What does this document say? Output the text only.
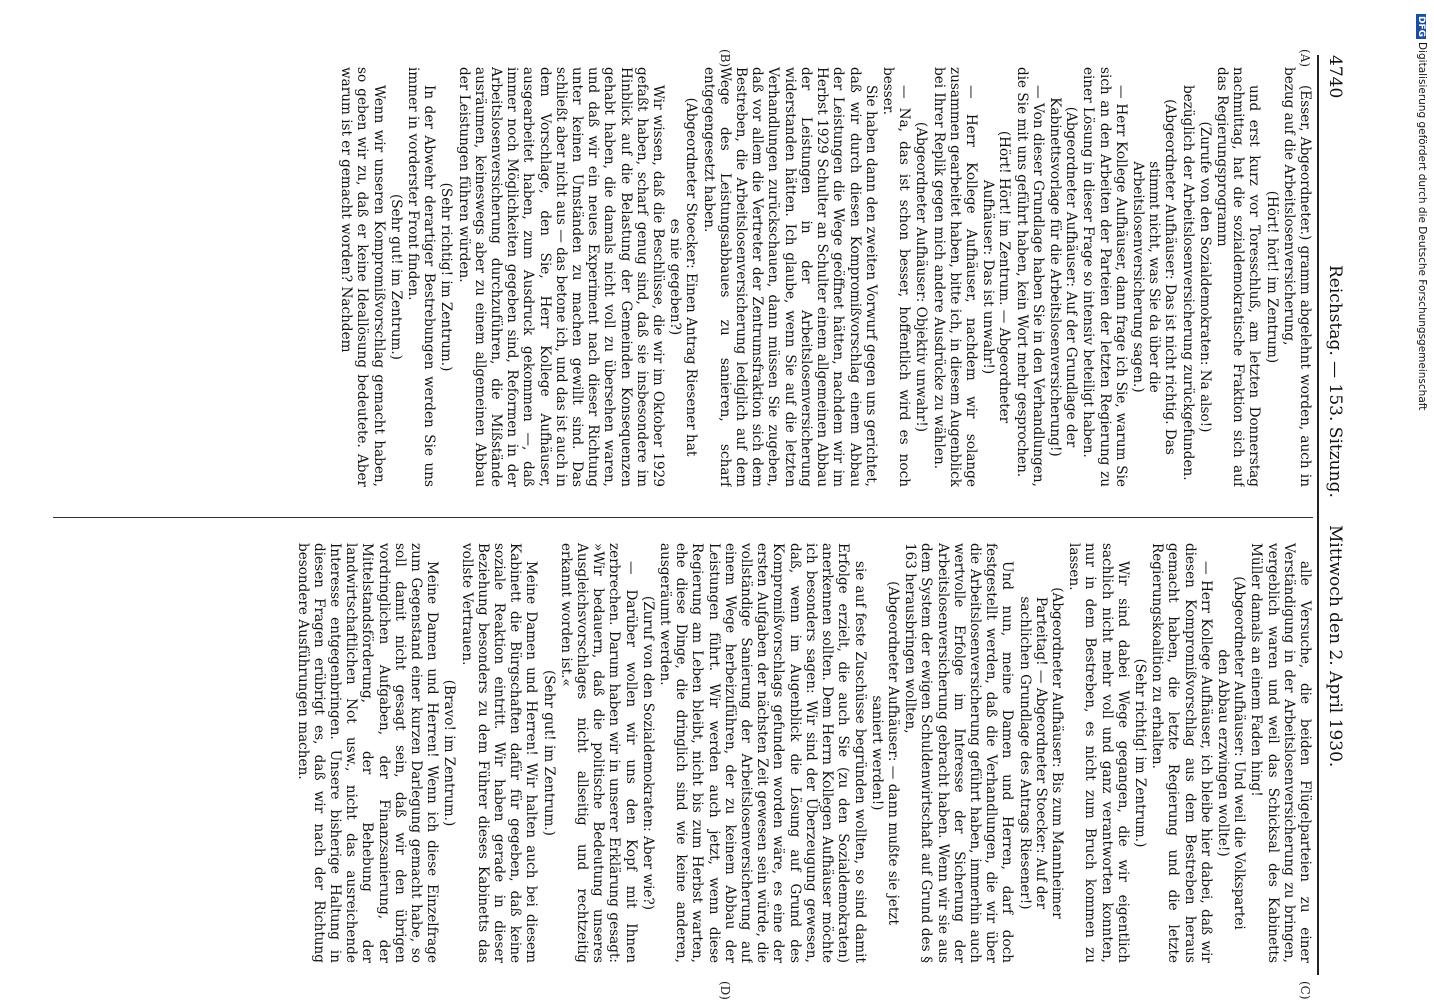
4740
Reichstag. — 153. Sitzung.
Mittwoch den 2. April 1930.
(A)
(B)
(C)
(D)

(Esser, Abgeordneter.) gramm abgelehnt worden, auch in bezug auf die Arbeitslosenversicherung,

(Hört! hört! im Zentrum)

und erst kurz vor Toresschluß, am letzten Donnerstag nachmittag, hat die sozialdemokratische Fraktion sich auf das Regierungsprogramm

(Zurufe von den Sozialdemokraten: Na also!)

bezüglich der Arbeitslosenversicherung zurückgefunden.

(Abgeordneter Aufhäuser: Das ist nicht richtig. Das stimmt nicht, was Sie da über die Arbeitslosenversicherung sagen.)

— Herr Kollege Aufhäuser, dann frage ich Sie, warum Sie sich an den Arbeiten der Parteien der letzten Regierung zu einer Lösung in dieser Frage so intensiv beteiligt haben.

(Abgeordneter Aufhäuser: Auf der Grundlage der Kabinettsvorlage für die Arbeitslosenversicherung!)

— Von dieser Grundlage haben Sie in den Verhandlungen, die Sie mit uns geführt haben, kein Wort mehr gesprochen.

(Hört! Hört! im Zentrum. — Abgeordneter Aufhäuser: Das ist unwahr!)

— Herr Kollege Aufhäuser, nachdem wir solange zusammen gearbeitet haben, bitte ich, in diesem Augenblick bei Ihrer Replik gegen mich andere Ausdrücke zu wählen.

(Abgeordneter Aufhäuser: Objektiv unwahr!)

— Na, das ist schon besser, hoffentlich wird es noch besser.

Sie haben dann den zweiten Vorwurf gegen uns gerichtet, daß wir durch diesen Kompromißvorschlag einem Abbau der Leistungen die Wege geöffnet hätten, nachdem wir im Herbst 1929 Schulter an Schulter einem allgemeinen Abbau der Leistungen in der Arbeitslosenversicherung widerstanden hätten. Ich glaube, wenn Sie auf die letzten Verhandlungen zurückschauen, dann müssen Sie zugeben, daß vor allem die Vertreter der Zentrumsfraktion sich dem Bestreben, die Arbeitslosenversicherung lediglich auf dem Wege des Leistungsabbaues zu sanieren, scharf entgegengesetzt haben.

(Abgeordneter Stoecker: Einen Antrag Riesener hat es nie gegeben?)

Wir wissen, daß die Beschlüsse, die wir im Oktober 1929 gefaßt haben, scharf genug sind, daß sie insbesondere im Hinblick auf die Belastung der Gemeinden Konsequenzen gehabt haben, die damals nicht voll zu übersehen waren, und daß wir ein neues Experiment nach dieser Richtung unter keinen Umständen zu machen gewillt sind. Das schließt aber nicht aus — das betone ich, und das ist auch in dem Vorschlage, den Sie, Herr Kollege Aufhäuser, ausgearbeitet haben, zum Ausdruck gekommen —, daß immer noch Möglichkeiten gegeben sind, Reformen in der Arbeitslosenversicherung durchzuführen, die Mißstände ausräumen, keineswegs aber zu einem allgemeinen Abbau der Leistungen führen würden.

(Sehr richtig! im Zentrum.)

In der Abwehr derartiger Bestrebungen werden Sie uns immer in vorderster Front finden.

(Sehr gut! im Zentrum.)

Wenn wir unseren Kompromißvorschlag gemacht haben, so geben wir zu, daß er keine Ideallösung bedeutete. Aber warum ist er gemacht worden? Nachdem

alle Versuche, die beiden Flügelparteien zu einer Verständigung in der Arbeitslosenversicherung zu bringen, vergeblich waren und weil das Schicksal des Kabinetts Müller damals an einem Faden hing!

(Abgeordneter Aufhäuser: Und weil die Volkspartei den Abbau erzwingen wollte!)

— Herr Kollege Aufhäuser, ich bleibe hier dabei, daß wir diesen Kompromißvorschlag aus dem Bestreben heraus gemacht haben, die letzte Regierung und die letzte Regierungskoalition zu erhalten.

(Sehr richtig! im Zentrum.)

Wir sind dabei Wege gegangen, die wir eigentlich sachlich nicht mehr voll und ganz verantworten konnten, nur in dem Bestreben, es nicht zum Bruch kommen zu lassen.

(Abgeordneter Aufhäuser: Bis zum Mannheimer Parteitag! — Abgeordneter Stoecker: Auf der sachlichen Grundlage des Antrags Riesener!)

Und nun, meine Damen und Herren, darf doch festgestellt werden, daß die Verhandlungen, die wir über die Arbeitslosenversicherung geführt haben, immerhin auch wertvolle Erfolge im Interesse der Sicherung der Arbeitslosenversicherung gebracht haben. Wenn wir sie aus dem System der ewigen Schuldenwirtschaft auf Grund des § 163 herausbringen wollten,

(Abgeordneter Aufhäuser: — dann mußte sie jetzt saniert werden!)

sie auf feste Zuschüsse begründen wollten, so sind damit Erfolge erzielt, die auch Sie (zu den Sozialdemokraten) anerkennen sollten. Dem Herrn Kollegen Aufhäuser möchte ich besonders sagen: Wir sind der Überzeugung gewesen, daß, wenn im Augenblick die Lösung auf Grund des Kompromißvorschlags gefunden worden wäre, es eine der ersten Aufgaben der nächsten Zeit gewesen sein würde, die vollständige Sanierung der Arbeitslosenversicherung auf einem Wege herbeizuführen, der zu keinem Abbau der Leistungen führt. Wir werden auch jetzt, wenn diese Regierung am Leben bleibt, nicht bis zum Herbst warten, ehe diese Dinge, die dringlich sind wie keine anderen, ausgeräumt werden.

(Zuruf von den Sozialdemokraten: Aber wie?)

— Darüber wollen wir uns den Kopf mit Ihnen zerbrechen. Darum haben wir in unserer Erklärung gesagt: »Wir bedauern, daß die politische Bedeutung unseres Ausgleichsvorschlages nicht allseitig und rechtzeitig erkannt worden ist.«

(Sehr gut! im Zentrum.)

Meine Damen und Herren! Wir halten auch bei diesem Kabinett die Bürgschaften dafür für gegeben, daß keine soziale Reaktion eintritt. Wir haben gerade in dieser Beziehung besonders zu dem Führer dieses Kabinetts das vollste Vertrauen.

(Bravo! im Zentrum.)

Meine Damen und Herren! Wenn ich diese Einzelfrage zum Gegenstand einer kurzen Darlegung gemacht habe, so soll damit nicht gesagt sein, daß wir den übrigen vordringlichen Aufgaben, der Finanzsanierung, der Mittelstandsförderung, der Behebung der landwirtschaftlichen Not usw., nicht das ausreichende Interesse entgegenbringen. Unsere bisherige Haltung in diesen Fragen erübrigt es, daß wir nach der Richtung besondere Ausführungen machen.

DFGDigitalisierung gefördert durch die Deutsche Forschungsgemeinschaft
